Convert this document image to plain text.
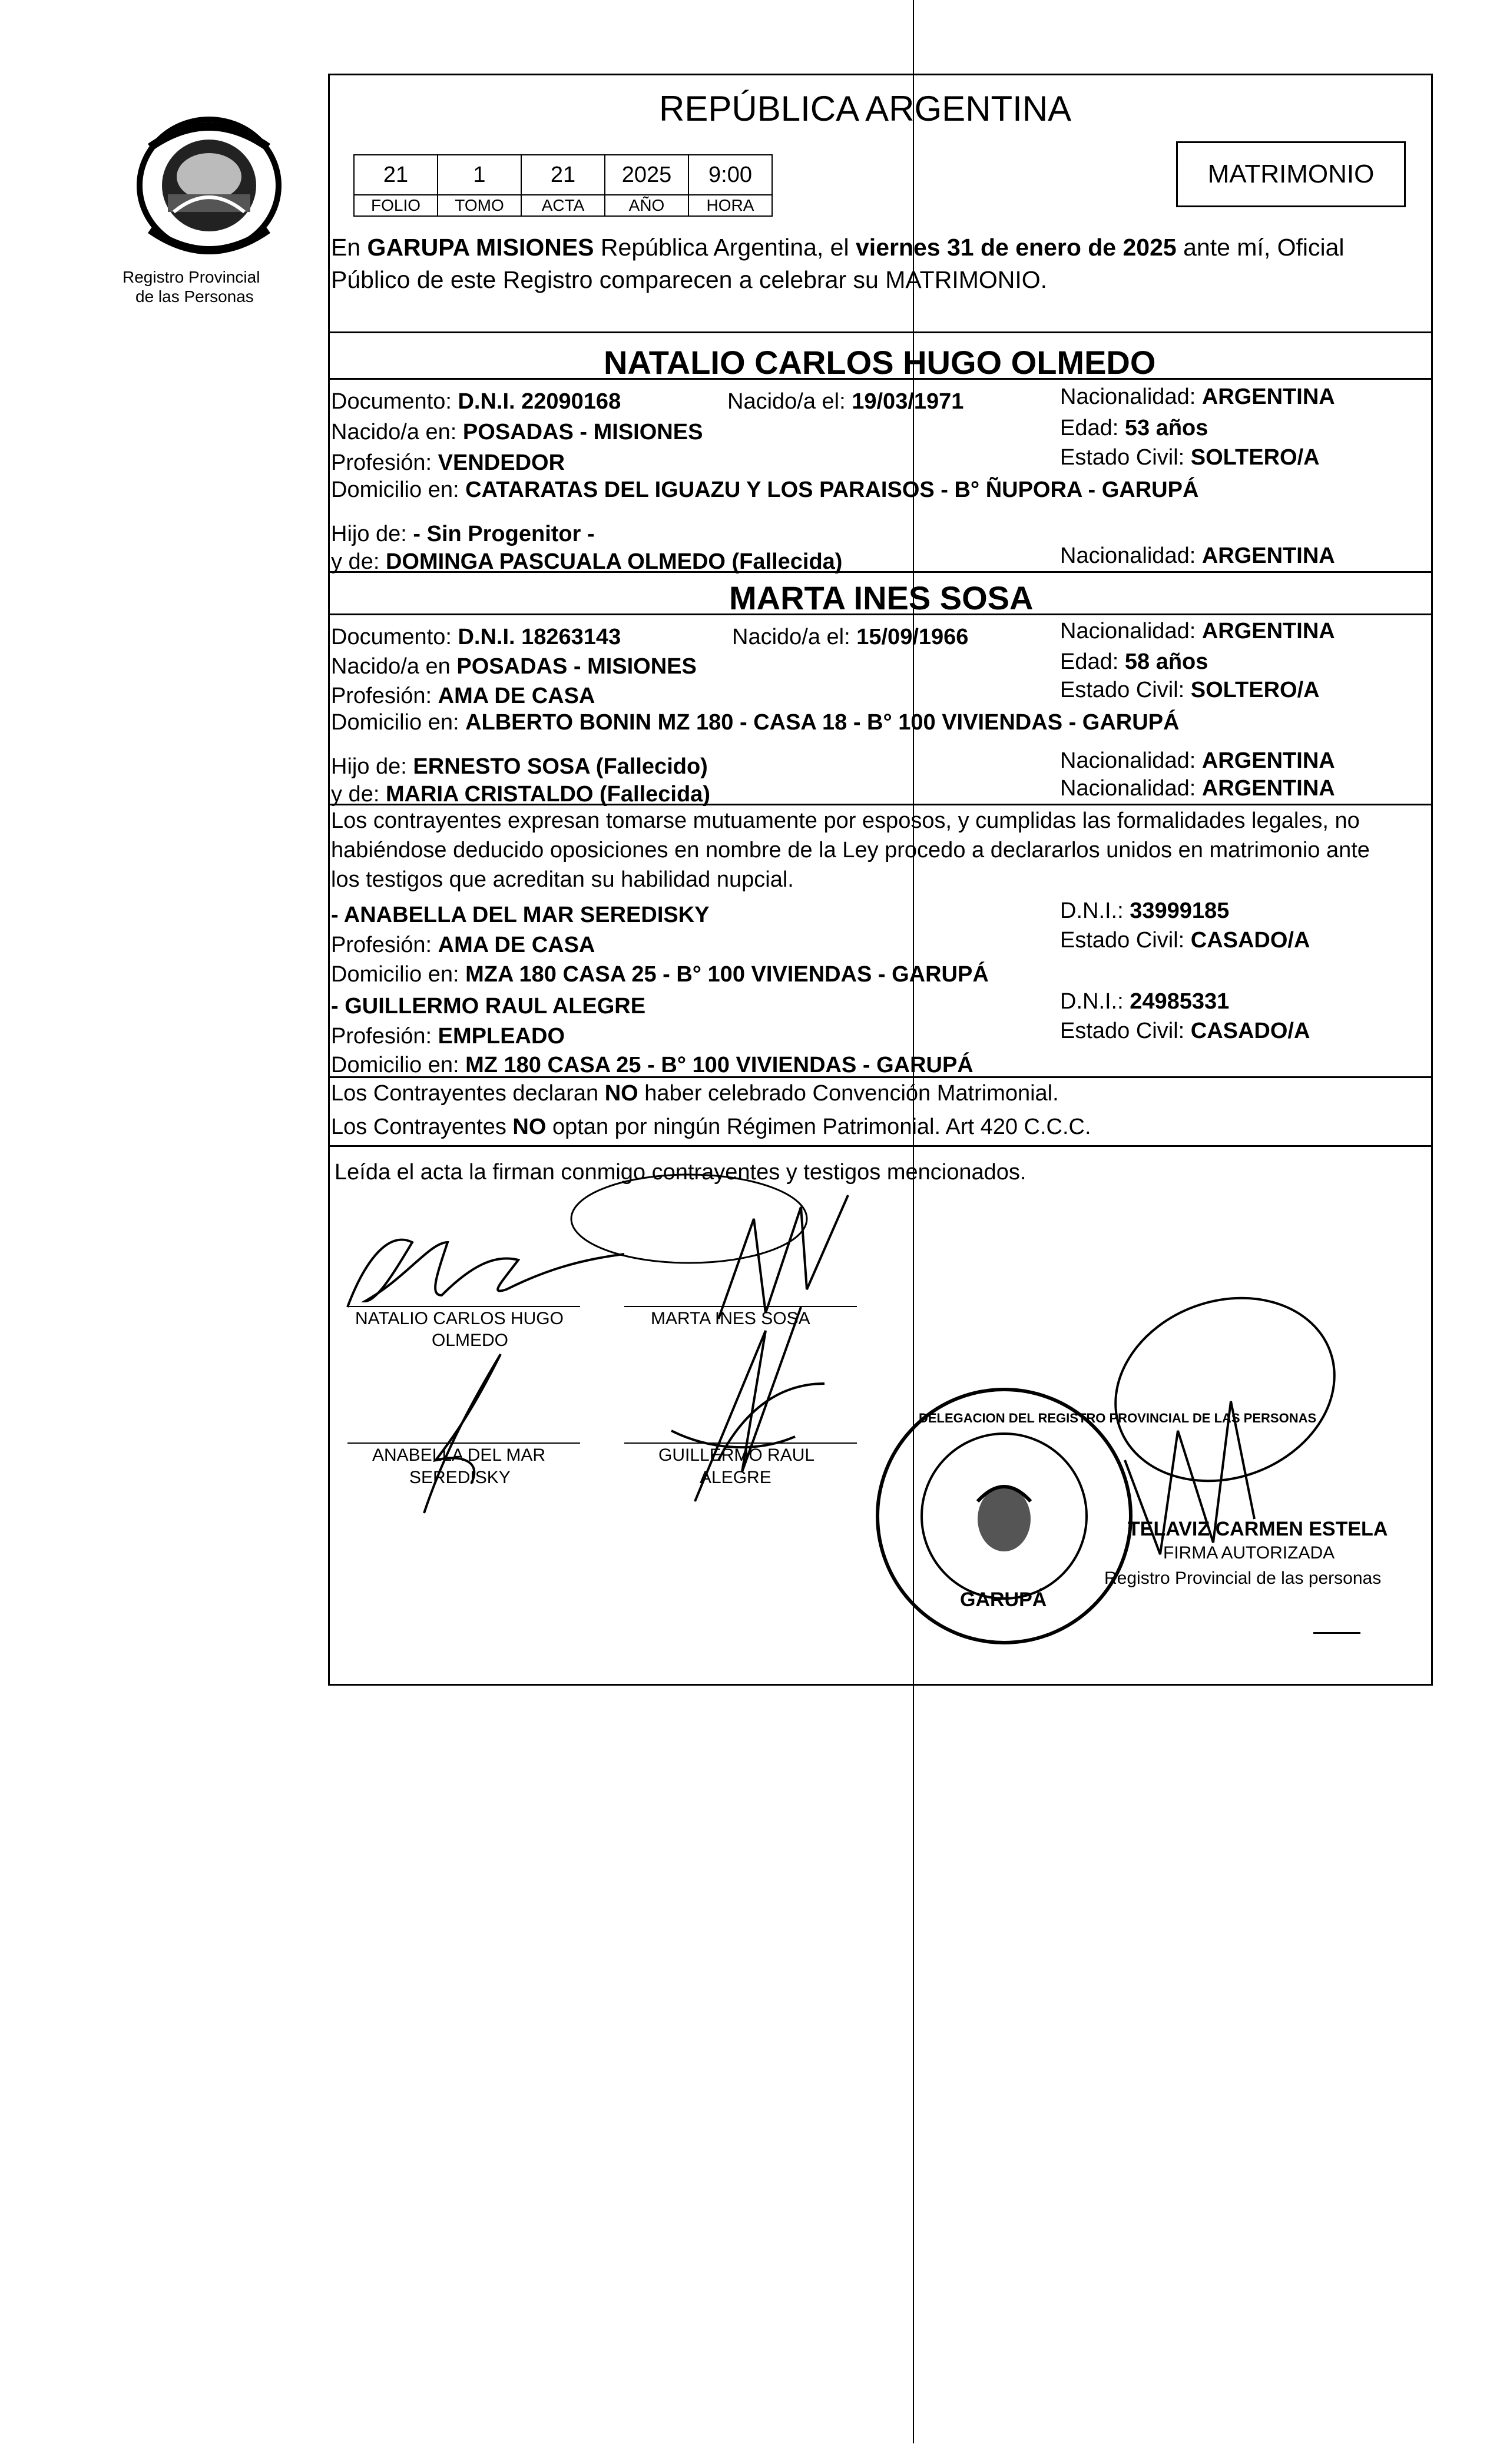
Registro Provincial
de las Personas
REPÚBLICA ARGENTINA
MATRIMONIO
21	1	21	2025	9:00
FOLIO	TOMO	ACTA	AÑO	HORA
En GARUPA MISIONES República Argentina, el viernes 31 de enero de 2025 ante mí, Oficial
Público de este Registro comparecen a celebrar su MATRIMONIO.
NATALIO CARLOS HUGO OLMEDO
Documento: D.N.I. 22090168	Nacido/a el: 19/03/1971	Nacionalidad: ARGENTINA
Nacido/a en: POSADAS - MISIONES	Edad: 53 años
Profesión: VENDEDOR	Estado Civil: SOLTERO/A
Domicilio en: CATARATAS DEL IGUAZU Y LOS PARAISOS - B° ÑUPORA - GARUPÁ
Hijo de: - Sin Progenitor -
y de: DOMINGA PASCUALA OLMEDO (Fallecida)	Nacionalidad: ARGENTINA
MARTA INES SOSA
Documento: D.N.I. 18263143	Nacido/a el: 15/09/1966	Nacionalidad: ARGENTINA
Nacido/a en POSADAS - MISIONES	Edad: 58 años
Profesión: AMA DE CASA	Estado Civil: SOLTERO/A
Domicilio en: ALBERTO BONIN MZ 180 - CASA 18 - B° 100 VIVIENDAS - GARUPÁ
Hijo de: ERNESTO SOSA (Fallecido)	Nacionalidad: ARGENTINA
y de: MARIA CRISTALDO (Fallecida)	Nacionalidad: ARGENTINA
Los contrayentes expresan tomarse mutuamente por esposos, y cumplidas las formalidades legales, no
habiéndose deducido oposiciones en nombre de la Ley procedo a declararlos unidos en matrimonio ante
los testigos que acreditan su habilidad nupcial.
- ANABELLA DEL MAR SEREDISKY	D.N.I.: 33999185
Profesión: AMA DE CASA	Estado Civil: CASADO/A
Domicilio en: MZA 180 CASA 25 - B° 100 VIVIENDAS - GARUPÁ
- GUILLERMO RAUL ALEGRE	D.N.I.: 24985331
Profesión: EMPLEADO	Estado Civil: CASADO/A
Domicilio en: MZ 180 CASA 25 - B° 100 VIVIENDAS - GARUPÁ
Los Contrayentes declaran NO haber celebrado Convención Matrimonial.
Los Contrayentes NO optan por ningún Régimen Patrimonial. Art 420 C.C.C.
Leída el acta la firman conmigo contrayentes y testigos mencionados.
NATALIO CARLOS HUGO
OLMEDO
MARTA INES SOSA
ANABELLA DEL MAR
SEREDISKY
GUILLERMO RAUL
ALEGRE
DELEGACION DEL REGISTRO PROVINCIAL DE LAS PERSONAS
GARUPÁ
TELAVIZ CARMEN ESTELA
FIRMA AUTORIZADA
Registro Provincial de las personas
